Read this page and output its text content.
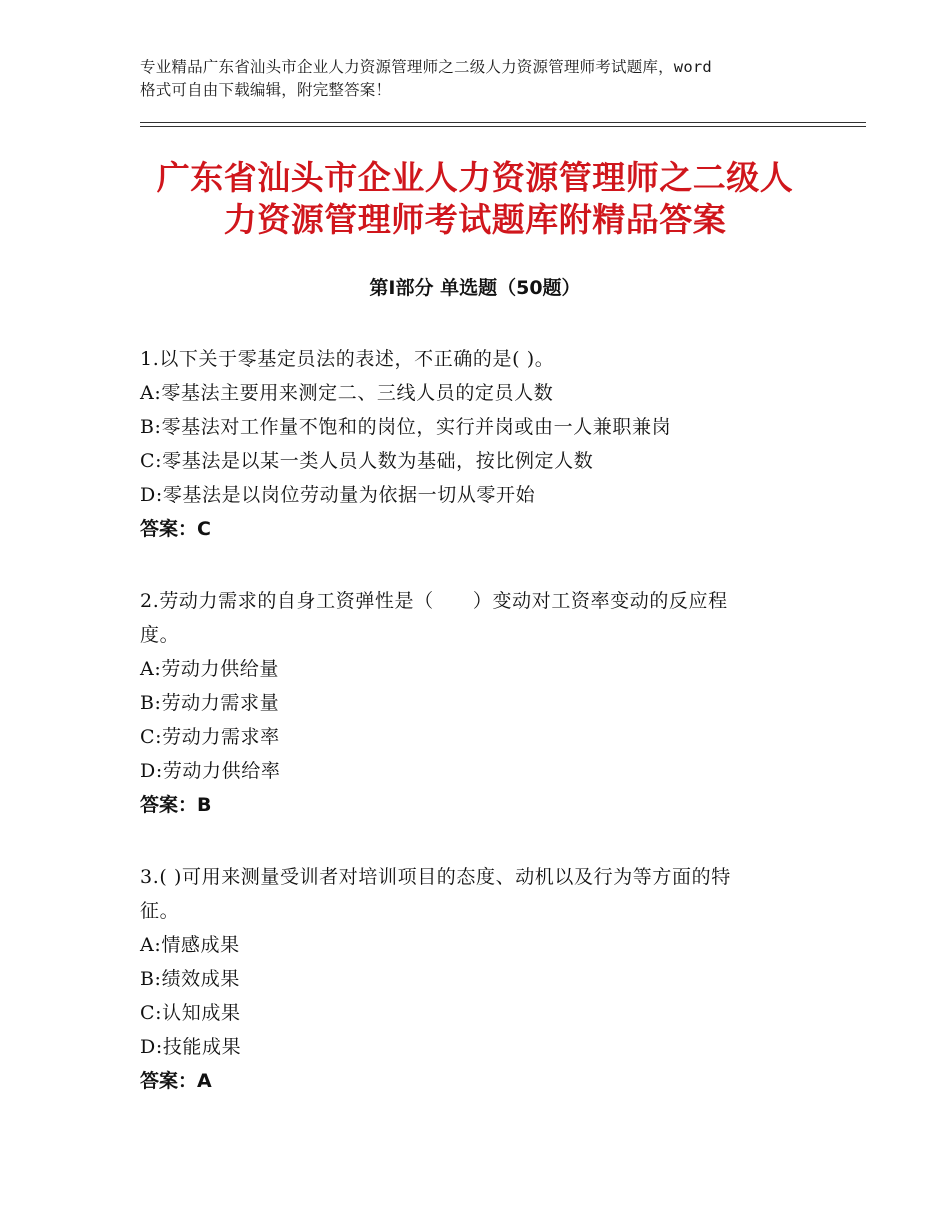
专业精品广东省汕头市企业人力资源管理师之二级人力资源管理师考试题库，word
格式可自由下载编辑，附完整答案！
广东省汕头市企业人力资源管理师之二级人
力资源管理师考试题库附精品答案
第Ⅰ部分 单选题（50题）

1.以下关于零基定员法的表述，不正确的是( )。

A:零基法主要用来测定二、三线人员的定员人数

B:零基法对工作量不饱和的岗位，实行并岗或由一人兼职兼岗

C:零基法是以某一类人员人数为基础，按比例定人数

D:零基法是以岗位劳动量为依据一切从零开始

答案：C

2.劳动力需求的自身工资弹性是（　　）变动对工资率变动的反应程

度。

A:劳动力供给量

B:劳动力需求量

C:劳动力需求率

D:劳动力供给率

答案：B

3.( )可用来测量受训者对培训项目的态度、动机以及行为等方面的特

征。

A:情感成果

B:绩效成果

C:认知成果

D:技能成果

答案：A
